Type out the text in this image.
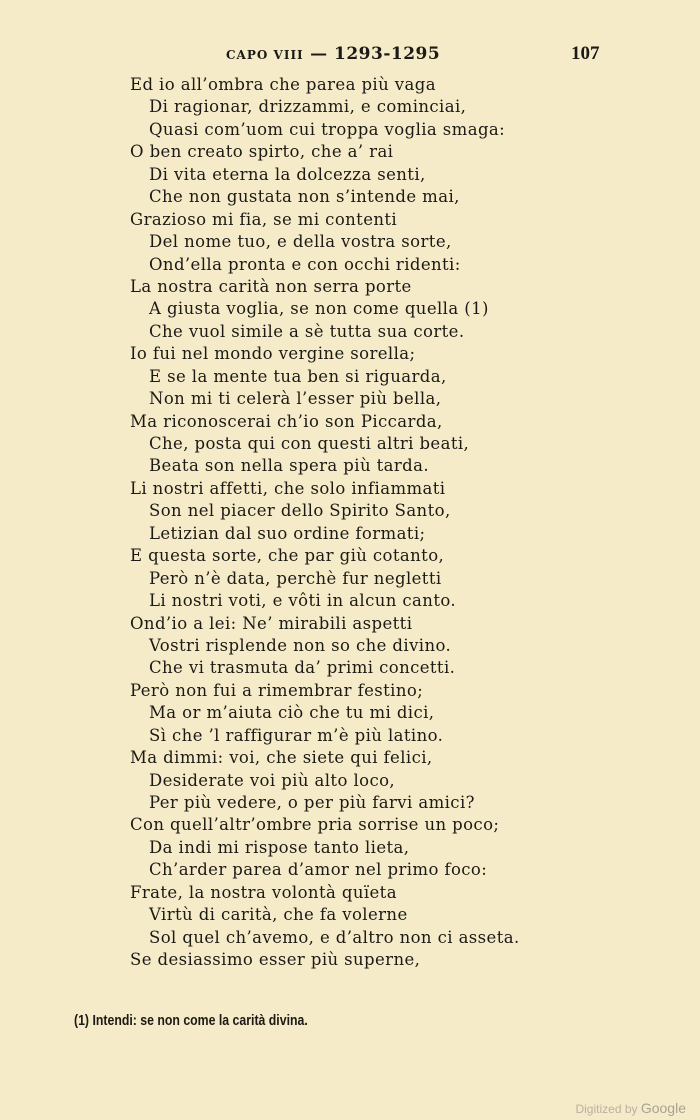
CAPO VIII — 1293-1295	107
Ed io all’ombra che parea più vaga
Di ragionar, drizzammi, e cominciai,
Quasi com’uom cui troppa voglia smaga:
O ben creato spirto, che a’ rai
Di vita eterna la dolcezza senti,
Che non gustata non s’intende mai,
Grazioso mi fia, se mi contenti
Del nome tuo, e della vostra sorte,
Ond’ella pronta e con occhi ridenti:
La nostra carità non serra porte
A giusta voglia, se non come quella (1)
Che vuol simile a sè tutta sua corte.
Io fui nel mondo vergine sorella;
E se la mente tua ben si riguarda,
Non mi ti celerà l’esser più bella,
Ma riconoscerai ch’io son Piccarda,
Che, posta qui con questi altri beati,
Beata son nella spera più tarda.
Li nostri affetti, che solo infiammati
Son nel piacer dello Spirito Santo,
Letizian dal suo ordine formati;
E questa sorte, che par giù cotanto,
Però n’è data, perchè fur negletti
Li nostri voti, e vôti in alcun canto.
Ond’io a lei: Ne’ mirabili aspetti
Vostri risplende non so che divino.
Che vi trasmuta da’ primi concetti.
Però non fui a rimembrar festino;
Ma or m’aiuta ciò che tu mi dici,
Sì che ’l raffigurar m’è più latino.
Ma dimmi: voi, che siete qui felici,
Desiderate voi più alto loco,
Per più vedere, o per più farvi amici?
Con quell’altr’ombre pria sorrise un poco;
Da indi mi rispose tanto lieta,
Ch’arder parea d’amor nel primo foco:
Frate, la nostra volontà quïeta
Virtù di carità, che fa volerne
Sol quel ch’avemo, e d’altro non ci asseta.
Se desiassimo esser più superne,
(1) Intendi: se non come la carità divina.
Digitized by Google
